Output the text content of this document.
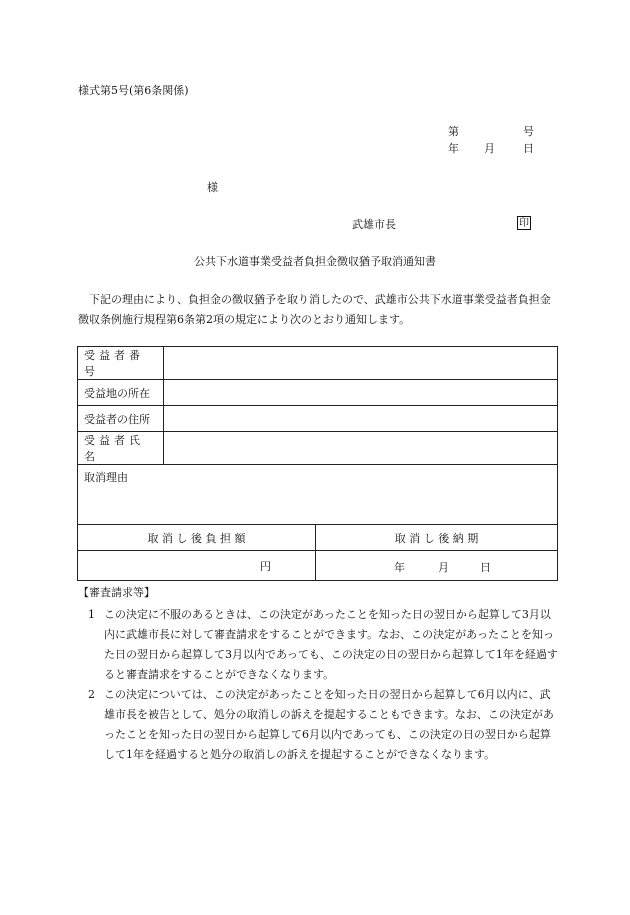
様式第5号(第6条関係)
第	号
年 月	日
様
武雄市長	印
公共下水道事業受益者負担金徴収猶予取消通知書
下記の理由により、負担金の徴収猶予を取り消したので、武雄市公共下水道事業受益者負担金徴収条例施行規程第6条第2項の規定により次のとおり通知します。
受益者番号		
受益地の所在		
受益者の住所		
受益者氏名		
取消理由		
取 消 し 後 負 担 額		取 消 し 後 納 期
円		年 月 日
【審査請求等】
1 この決定に不服のあるときは、この決定があったことを知った日の翌日から起算して3月以内に武雄市長に対して審査請求をすることができます。なお、この決定があったことを知った日の翌日から起算して3月以内であっても、この決定の日の翌日から起算して1年を経過すると審査請求をすることができなくなります。
2 この決定については、この決定があったことを知った日の翌日から起算して6月以内に、武雄市長を被告として、処分の取消しの訴えを提起することもできます。なお、この決定があったことを知った日の翌日から起算して6月以内であっても、この決定の日の翌日から起算して1年を経過すると処分の取消しの訴えを提起することができなくなります。
